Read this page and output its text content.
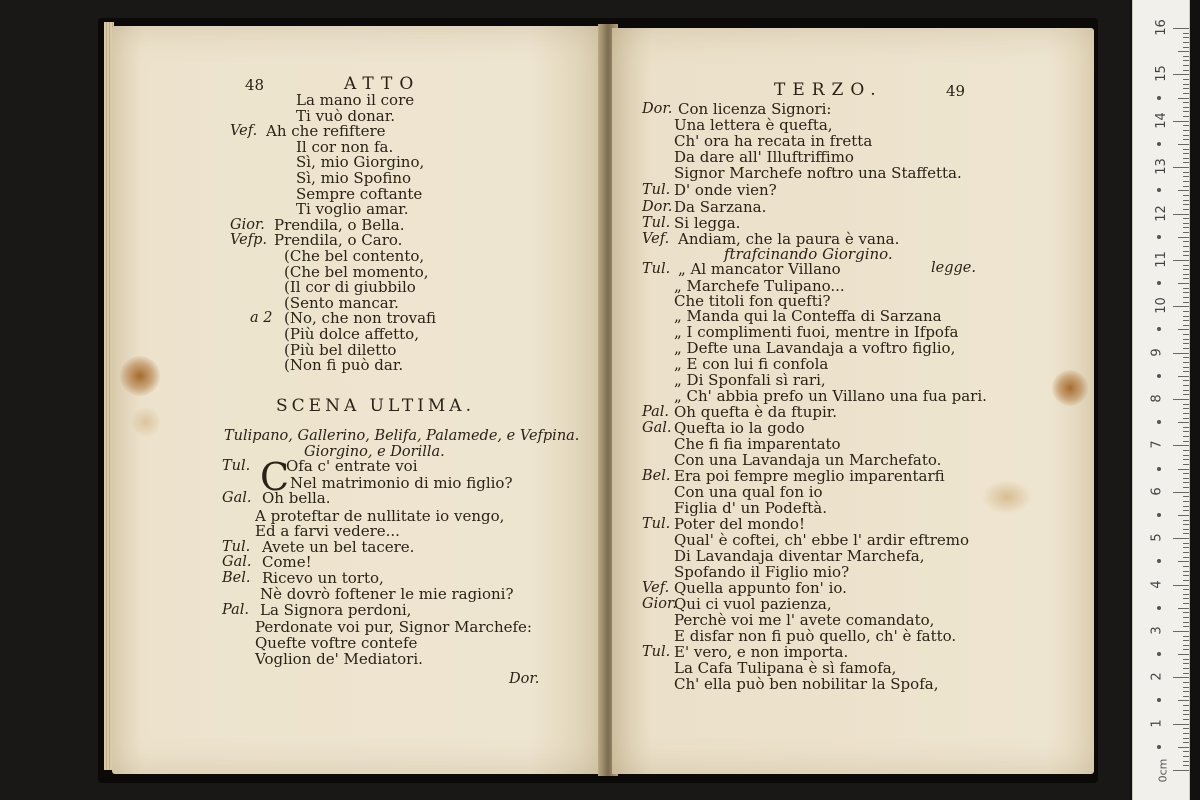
48	ATTO
La mano il core
Ti vuò donar.
Vef. Ah che refiftere
Il cor non fa.
Sì, mio Giorgino,
Sì, mio Spofino
Sempre coftante
Ti voglio amar.
Gior. Prendila, o Bella.
Vefp. Prendila, o Caro.
(Che bel contento,
(Che bel momento,
(Il cor di giubbilo
(Sento mancar.
a 2 (No, che non trovafi
(Più dolce affetto,
(Più bel diletto
(Non fi può dar.
SCENA ULTIMA.
Tulipano, Gallerino, Belifa, Palamede, e Vefpina.
Giorgino, e Dorilla.
C
Tul. Ofa c' entrate voi
Nel matrimonio di mio figlio?
Gal. Oh bella.
A proteftar de nullitate io vengo,
Ed a farvi vedere...
Tul. Avete un bel tacere.
Gal. Come!
Bel. Ricevo un torto,
Nè dovrò foftener le mie ragioni?
Pal. La Signora perdoni,
Perdonate voi pur, Signor Marchefe:
Quefte voftre contefe
Voglion de' Mediatori.
Dor.
TERZO.	49
legge.
Dor. Con licenza Signori:
Una lettera è quefta,
Ch' ora ha recata in fretta
Da dare all' Illuftriffimo
Signor Marchefe noftro una Staffetta.
Tul. D' onde vien?
Dor. Da Sarzana.
Tul. Si legga.
Vef. Andiam, che la paura è vana.
ftrafcinando Giorgino.
Tul. „ Al mancator Villano
„ Marchefe Tulipano...
Che titoli fon quefti?
„ Manda qui la Conteffa di Sarzana
„ I complimenti fuoi, mentre in Ifpofa
„ Defte una Lavandaja a voftro figlio,
„ E con lui fi confola
„ Di Sponfali sì rari,
„ Ch' abbia prefo un Villano una fua pari.
Pal. Oh quefta è da ftupir.
Gal. Quefta io la godo
Che fi fia imparentato
Con una Lavandaja un Marchefato.
Bel. Era poi fempre meglio imparentarfi
Con una qual fon io
Figlia d' un Podeftà.
Tul. Poter del mondo!
Qual' è coftei, ch' ebbe l' ardir eftremo
Di Lavandaja diventar Marchefa,
Spofando il Figlio mio?
Vef. Quella appunto fon' io.
Gior.
Qui ci vuol pazienza,
Perchè voi me l' avete comandato,
E disfar non fi può quello, ch' è fatto.
Tul. E' vero, e non importa.
La Cafa Tulipana è sì famofa,
Ch' ella può ben nobilitar la Spofa,
16
15
14
13
12
11
10
9
8
7
6
5
4
3
2
1
0cm
